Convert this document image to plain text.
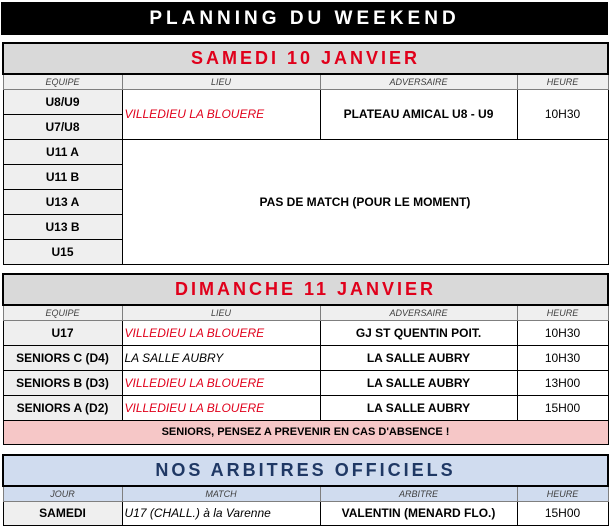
PLANNING DU WEEKEND
SAMEDI 10 JANVIER			
EQUIPE	LIEU	ADVERSAIRE	HEURE
U8/U9	VILLEDIEU LA BLOUERE	PLATEAU AMICAL U8 - U9	10H30
U7/U8			
U11 A	PAS DE MATCH (POUR LE MOMENT)		
U11 B			
U13 A			
U13 B			
U15			
DIMANCHE 11 JANVIER			
EQUIPE	LIEU	ADVERSAIRE	HEURE
U17	VILLEDIEU LA BLOUERE	GJ ST QUENTIN POIT.	10H30
SENIORS C (D4)	LA SALLE AUBRY	LA SALLE AUBRY	10H30
SENIORS B (D3)	VILLEDIEU LA BLOUERE	LA SALLE AUBRY	13H00
SENIORS A (D2)	VILLEDIEU LA BLOUERE	LA SALLE AUBRY	15H00
SENIORS, PENSEZ A PREVENIR EN CAS D'ABSENCE !			
NOS ARBITRES OFFICIELS			
JOUR	MATCH	ARBITRE	HEURE
SAMEDI	U17 (CHALL.) à la Varenne	VALENTIN (MENARD FLO.)	15H00
